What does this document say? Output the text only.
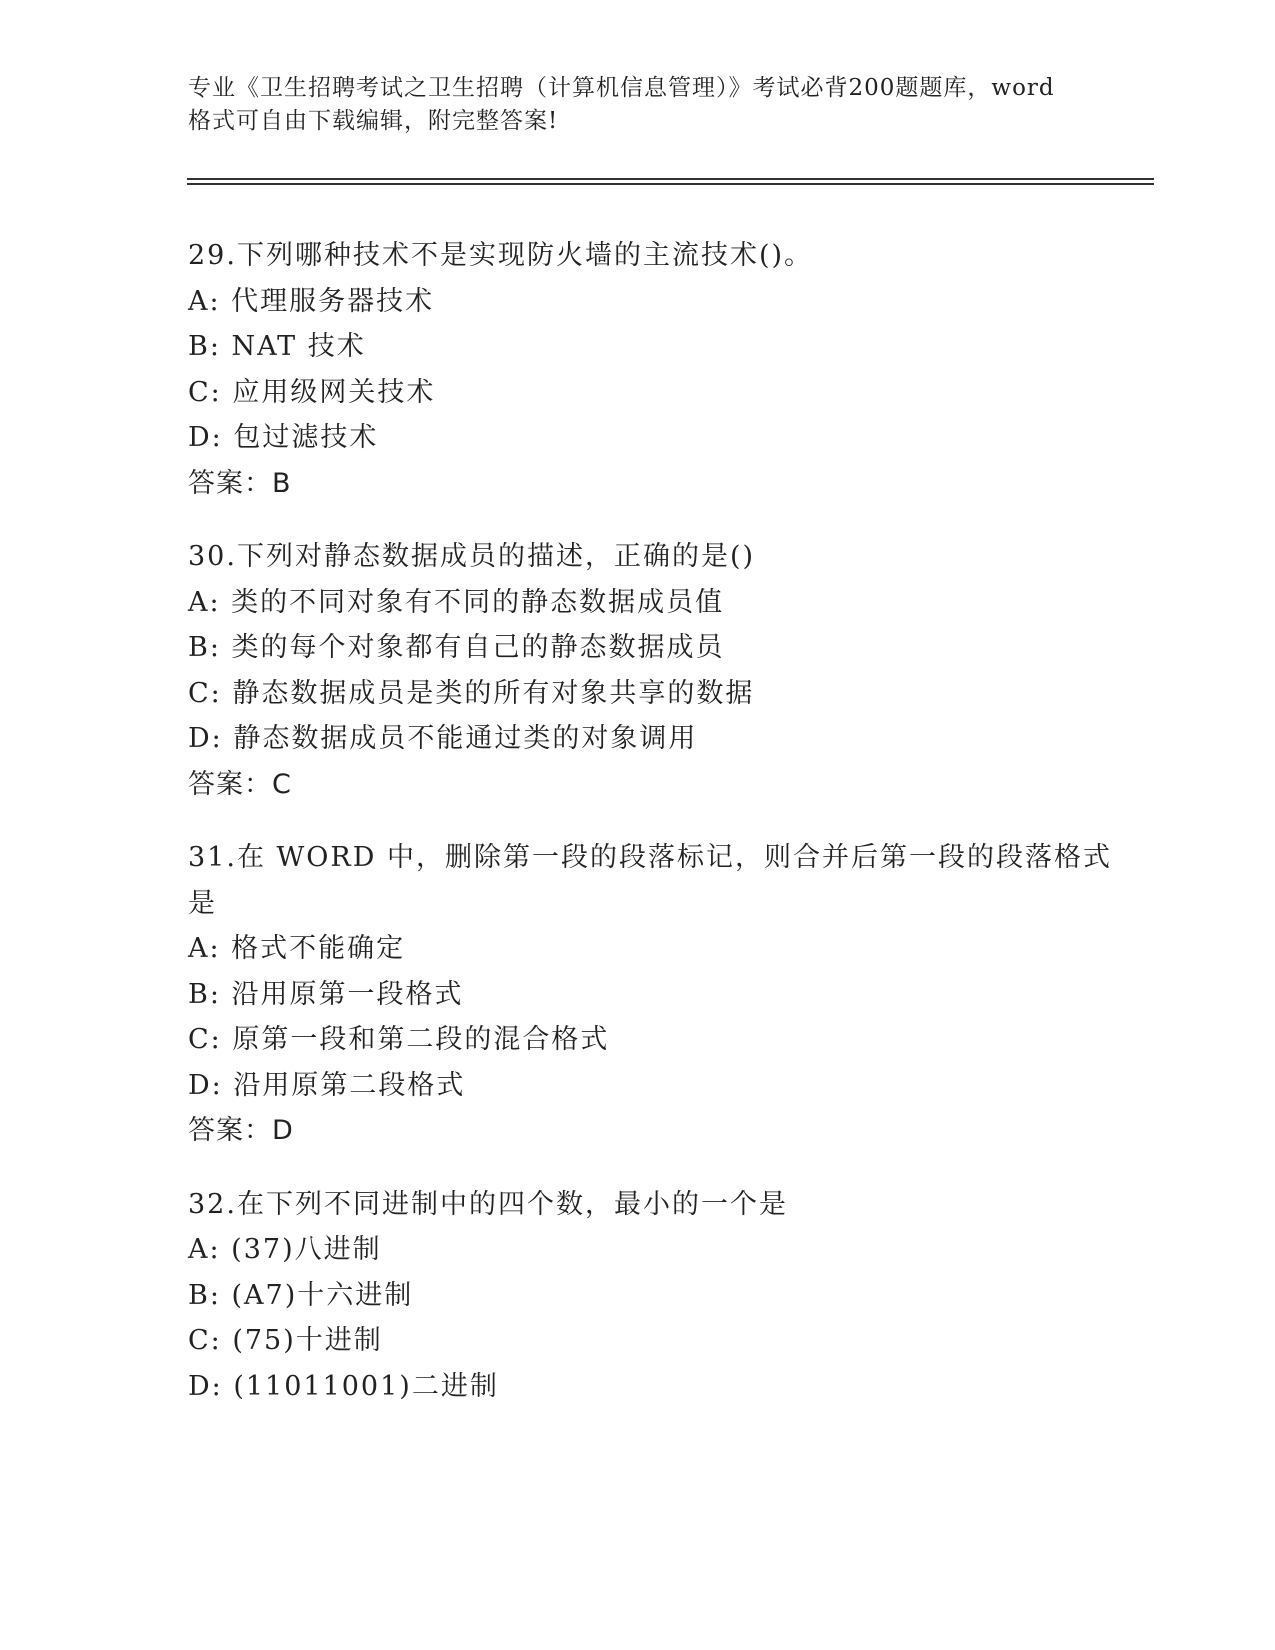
专业《卫生招聘考试之卫生招聘（计算机信息管理）》考试必背200题题库，word
格式可自由下载编辑，附完整答案!
29.下列哪种技术不是实现防火墙的主流技术()。
A: 代理服务器技术
B: NAT 技术
C: 应用级网关技术
D: 包过滤技术
答案：B
30.下列对静态数据成员的描述，正确的是()
A: 类的不同对象有不同的静态数据成员值
B: 类的每个对象都有自己的静态数据成员
C: 静态数据成员是类的所有对象共享的数据
D: 静态数据成员不能通过类的对象调用
答案：C
31.在 WORD 中，删除第一段的段落标记，则合并后第一段的段落格式
是
A: 格式不能确定
B: 沿用原第一段格式
C: 原第一段和第二段的混合格式
D: 沿用原第二段格式
答案：D
32.在下列不同进制中的四个数，最小的一个是
A: (37)八进制
B: (A7)十六进制
C: (75)十进制
D: (11011001)二进制
